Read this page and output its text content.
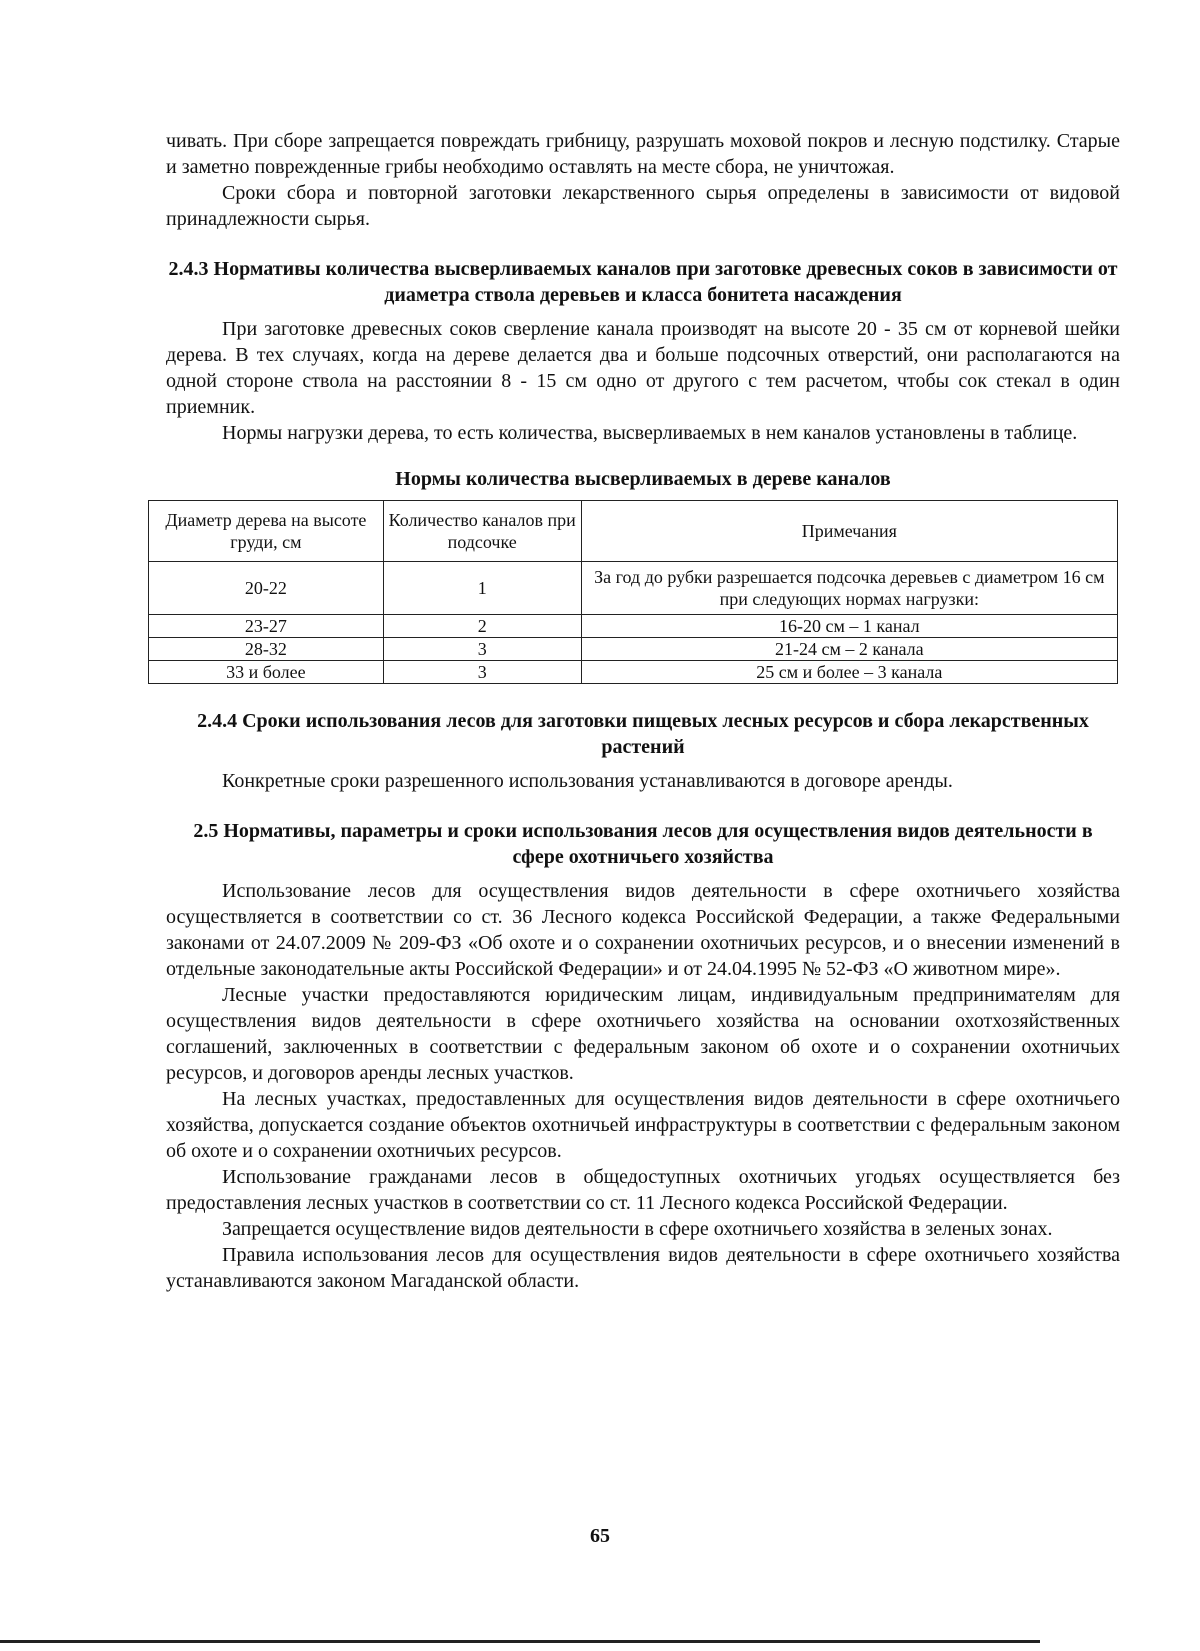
чивать. При сборе запрещается повреждать грибницу, разрушать моховой покров и лесную подстилку. Старые и заметно поврежденные грибы необходимо оставлять на месте сбора, не уничтожая.

Сроки сбора и повторной заготовки лекарственного сырья определены в зависимости от видовой принадлежности сырья.

2.4.3 Нормативы количества высверливаемых каналов при заготовке древесных соков в зависимости от диаметра ствола деревьев и класса бонитета насаждения

При заготовке древесных соков сверление канала производят на высоте 20 - 35 см от корневой шейки дерева. В тех случаях, когда на дереве делается два и больше подсочных отверстий, они располагаются на одной стороне ствола на расстоянии 8 - 15 см одно от другого с тем расчетом, чтобы сок стекал в один приемник.

Нормы нагрузки дерева, то есть количества, высверливаемых в нем каналов установлены в таблице.

Нормы количества высверливаемых в дереве каналов

Диаметр дерева на высоте груди, см	Количество каналов при подсочке	Примечания
20-22	1	За год до рубки разрешается подсочка деревьев с диаметром 16 см при следующих нормах нагрузки:
23-27	2	16-20 см – 1 канал
28-32	3	21-24 см – 2 канала
33 и более	3	25 см и более – 3 канала

2.4.4 Сроки использования лесов для заготовки пищевых лесных ресурсов и сбора лекарственных растений

Конкретные сроки разрешенного использования устанавливаются в договоре аренды.

2.5 Нормативы, параметры и сроки использования лесов для осуществления видов деятельности в сфере охотничьего хозяйства

Использование лесов для осуществления видов деятельности в сфере охотничьего хозяйства осуществляется в соответствии со ст. 36 Лесного кодекса Российской Федерации, а также Федеральными законами от 24.07.2009 № 209-ФЗ «Об охоте и о сохранении охотничьих ресурсов, и о внесении изменений в отдельные законодательные акты Российской Федерации» и от 24.04.1995 № 52-ФЗ «О животном мире».

Лесные участки предоставляются юридическим лицам, индивидуальным предпринимателям для осуществления видов деятельности в сфере охотничьего хозяйства на основании охотхозяйственных соглашений, заключенных в соответствии с федеральным законом об охоте и о сохранении охотничьих ресурсов, и договоров аренды лесных участков.

На лесных участках, предоставленных для осуществления видов деятельности в сфере охотничьего хозяйства, допускается создание объектов охотничьей инфраструктуры в соответствии с федеральным законом об охоте и о сохранении охотничьих ресурсов.

Использование гражданами лесов в общедоступных охотничьих угодьях осуществляется без предоставления лесных участков в соответствии со ст. 11 Лесного кодекса Российской Федерации.

Запрещается осуществление видов деятельности в сфере охотничьего хозяйства в зеленых зонах.

Правила использования лесов для осуществления видов деятельности в сфере охотничьего хозяйства устанавливаются законом Магаданской области.

65
